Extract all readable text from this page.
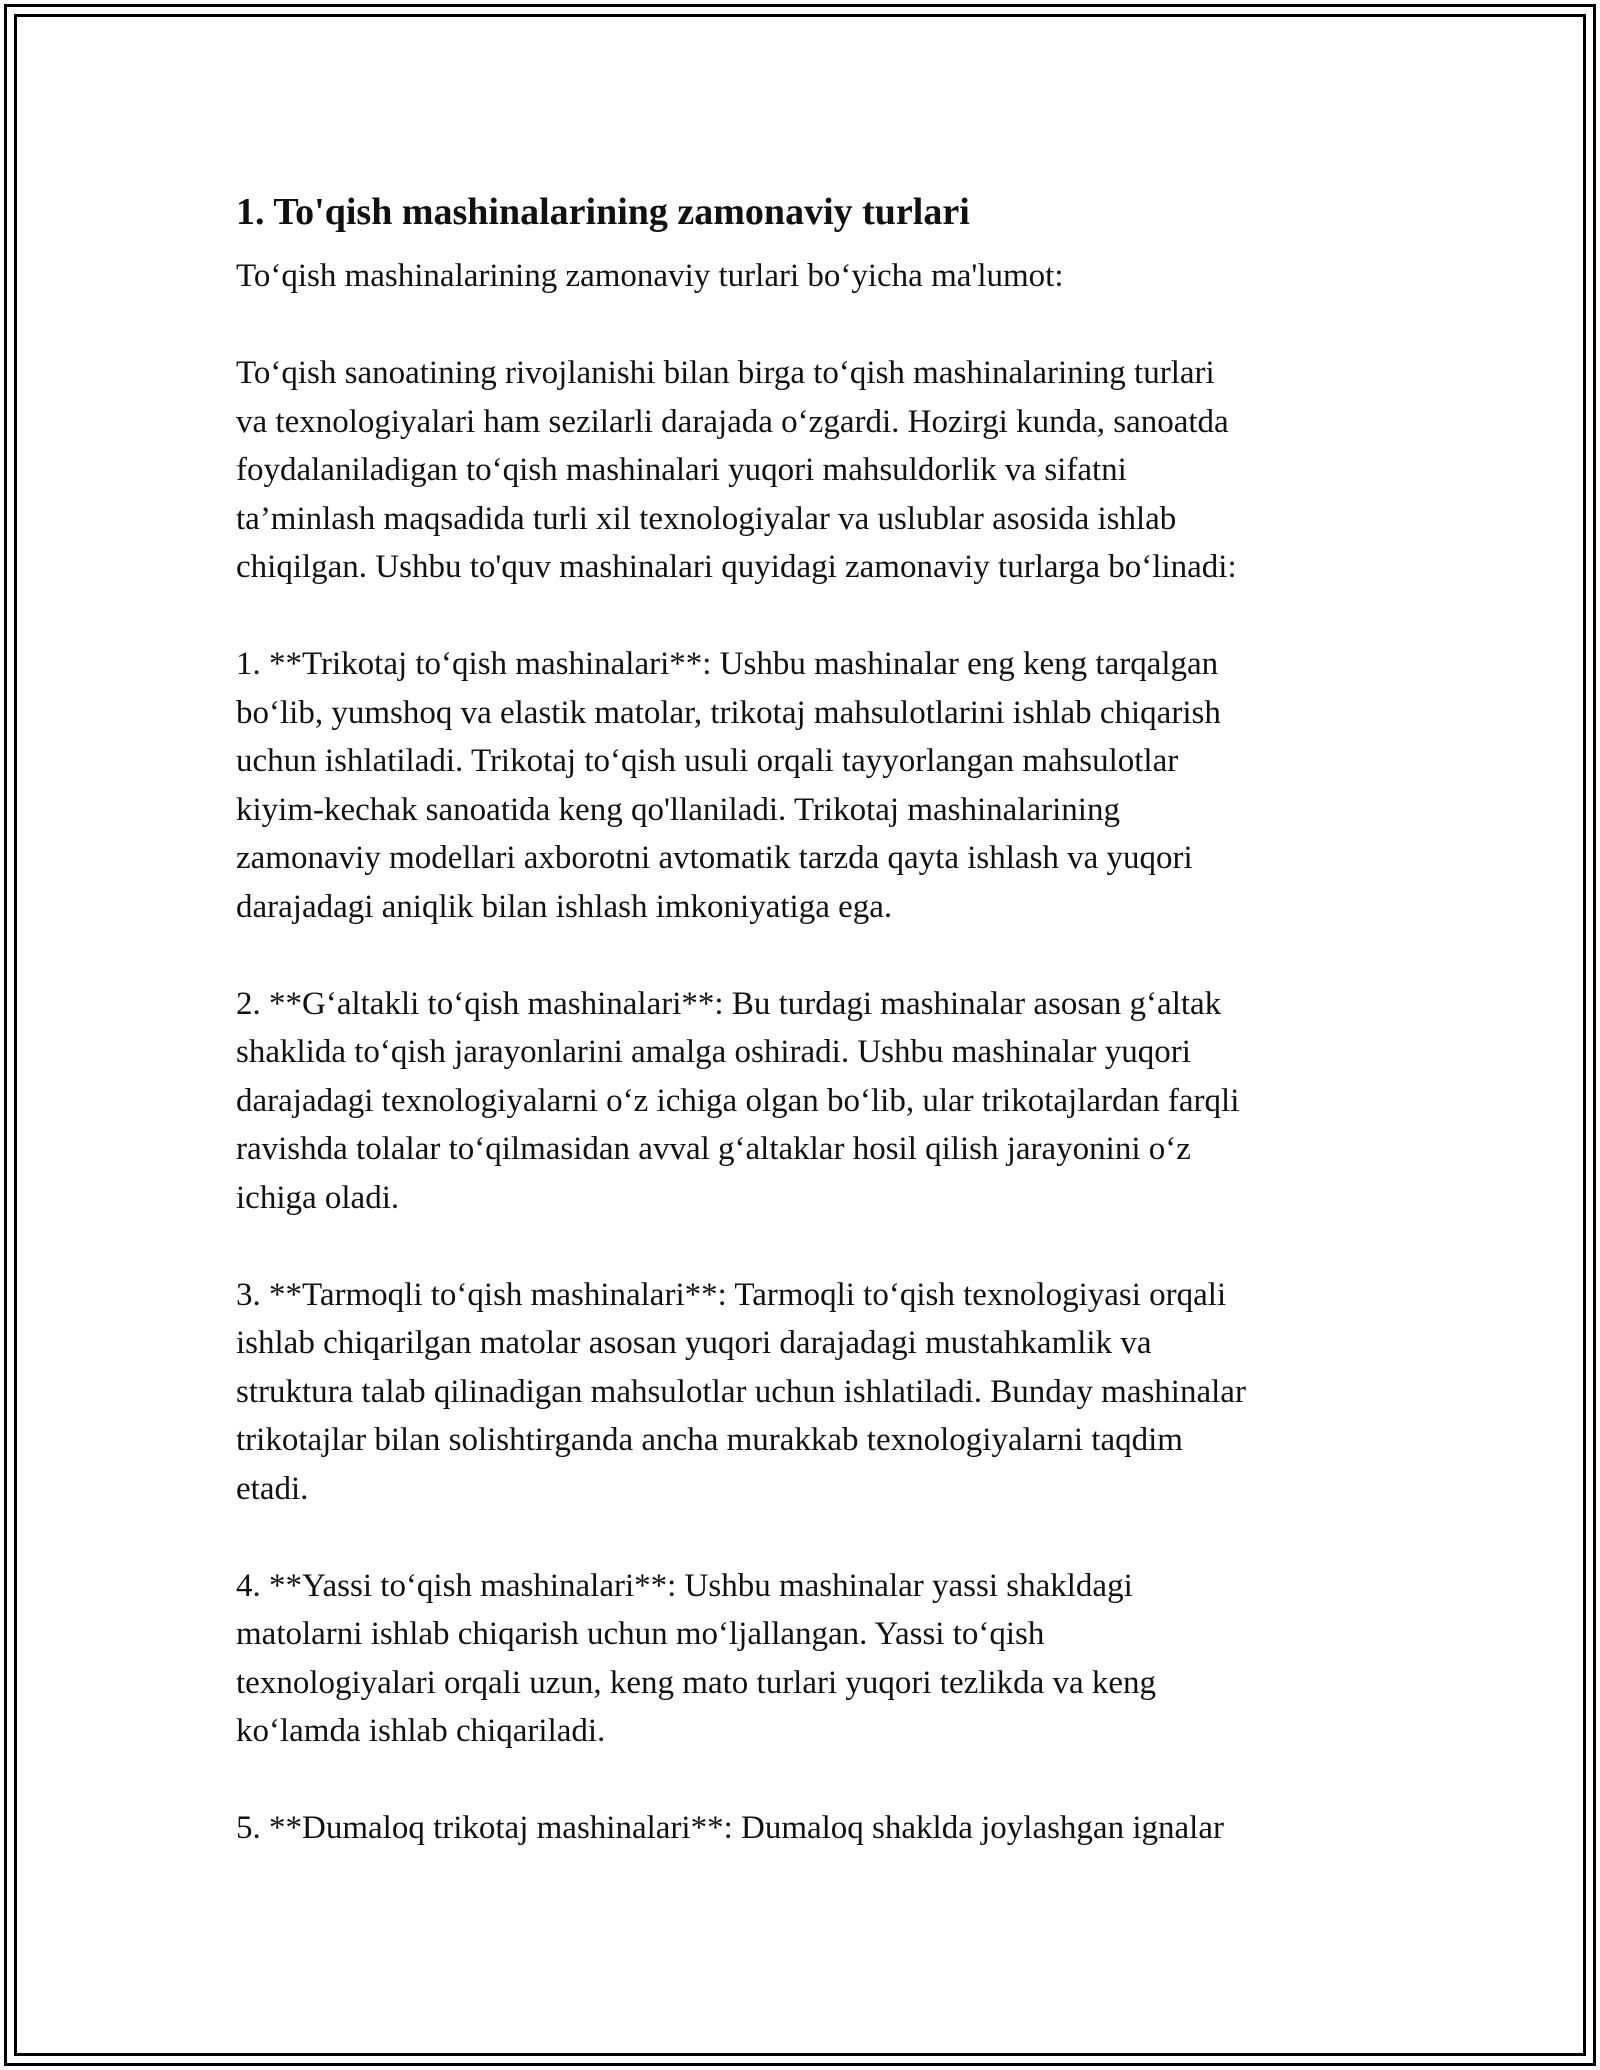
1. To'qish mashinalarining zamonaviy turlari

To‘qish mashinalarining zamonaviy turlari bo‘yicha ma'lumot:

To‘qish sanoatining rivojlanishi bilan birga to‘qish mashinalarining turlari
va texnologiyalari ham sezilarli darajada o‘zgardi. Hozirgi kunda, sanoatda
foydalaniladigan to‘qish mashinalari yuqori mahsuldorlik va sifatni
ta’minlash maqsadida turli xil texnologiyalar va uslublar asosida ishlab
chiqilgan. Ushbu to'quv mashinalari quyidagi zamonaviy turlarga bo‘linadi:

1. **Trikotaj to‘qish mashinalari**: Ushbu mashinalar eng keng tarqalgan
bo‘lib, yumshoq va elastik matolar, trikotaj mahsulotlarini ishlab chiqarish
uchun ishlatiladi. Trikotaj to‘qish usuli orqali tayyorlangan mahsulotlar
kiyim-kechak sanoatida keng qo'llaniladi. Trikotaj mashinalarining
zamonaviy modellari axborotni avtomatik tarzda qayta ishlash va yuqori
darajadagi aniqlik bilan ishlash imkoniyatiga ega.

2. **G‘altakli to‘qish mashinalari**: Bu turdagi mashinalar asosan g‘altak
shaklida to‘qish jarayonlarini amalga oshiradi. Ushbu mashinalar yuqori
darajadagi texnologiyalarni o‘z ichiga olgan bo‘lib, ular trikotajlardan farqli
ravishda tolalar to‘qilmasidan avval g‘altaklar hosil qilish jarayonini o‘z
ichiga oladi.

3. **Tarmoqli to‘qish mashinalari**: Tarmoqli to‘qish texnologiyasi orqali
ishlab chiqarilgan matolar asosan yuqori darajadagi mustahkamlik va
struktura talab qilinadigan mahsulotlar uchun ishlatiladi. Bunday mashinalar
trikotajlar bilan solishtirganda ancha murakkab texnologiyalarni taqdim
etadi.

4. **Yassi to‘qish mashinalari**: Ushbu mashinalar yassi shakldagi
matolarni ishlab chiqarish uchun mo‘ljallangan. Yassi to‘qish
texnologiyalari orqali uzun, keng mato turlari yuqori tezlikda va keng
ko‘lamda ishlab chiqariladi.

5. **Dumaloq trikotaj mashinalari**: Dumaloq shaklda joylashgan ignalar
